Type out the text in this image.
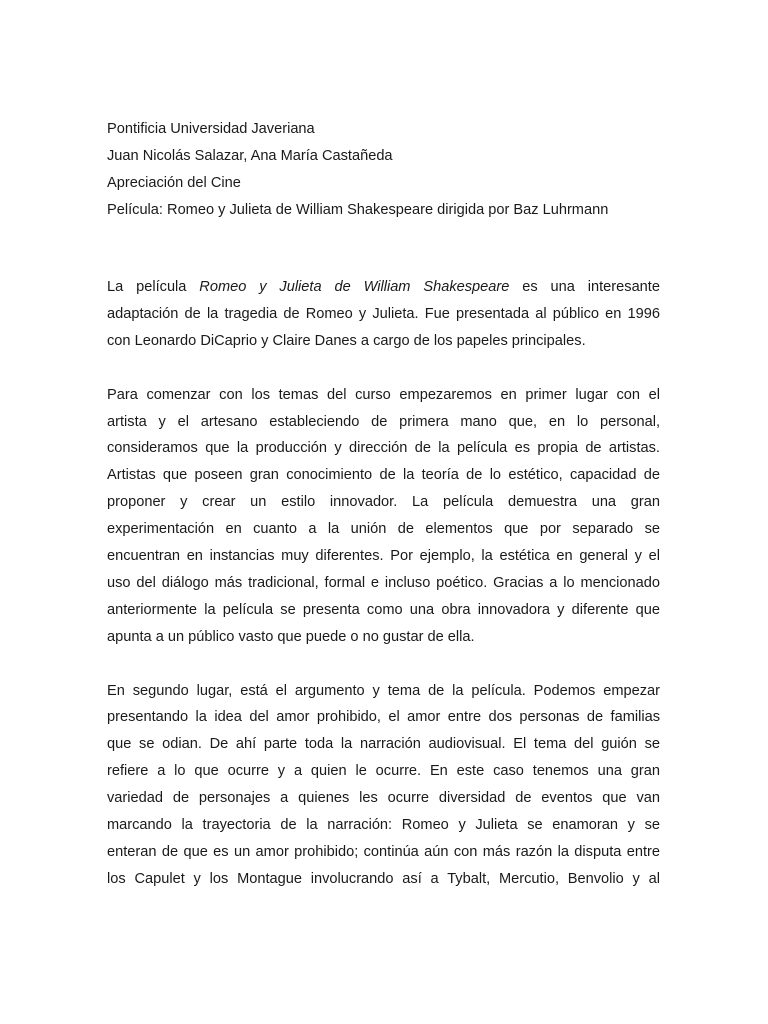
Pontificia Universidad Javeriana
Juan Nicolás Salazar, Ana María Castañeda
Apreciación del Cine
Película: Romeo y Julieta de William Shakespeare dirigida por Baz Luhrmann

La película Romeo y Julieta de William Shakespeare es una interesante
adaptación de la tragedia de Romeo y Julieta. Fue presentada al público en 1996
con Leonardo DiCaprio y Claire Danes a cargo de los papeles principales.

Para comenzar con los temas del curso empezaremos en primer lugar con el
artista y el artesano estableciendo de primera mano que, en lo personal,
consideramos que la producción y dirección de la película es propia de artistas.
Artistas que poseen gran conocimiento de la teoría de lo estético, capacidad de
proponer y crear un estilo innovador. La película demuestra una gran
experimentación en cuanto a la unión de elementos que por separado se
encuentran en instancias muy diferentes. Por ejemplo, la estética en general y el
uso del diálogo más tradicional, formal e incluso poético. Gracias a lo mencionado
anteriormente la película se presenta como una obra innovadora y diferente que
apunta a un público vasto que puede o no gustar de ella.

En segundo lugar, está el argumento y tema de la película. Podemos empezar
presentando la idea del amor prohibido, el amor entre dos personas de familias
que se odian. De ahí parte toda la narración audiovisual. El tema del guión se
refiere a lo que ocurre y a quien le ocurre. En este caso tenemos una gran
variedad de personajes a quienes les ocurre diversidad de eventos que van
marcando la trayectoria de la narración: Romeo y Julieta se enamoran y se
enteran de que es un amor prohibido; continúa aún con más razón la disputa entre
los Capulet y los Montague involucrando así a Tybalt, Mercutio, Benvolio y al
